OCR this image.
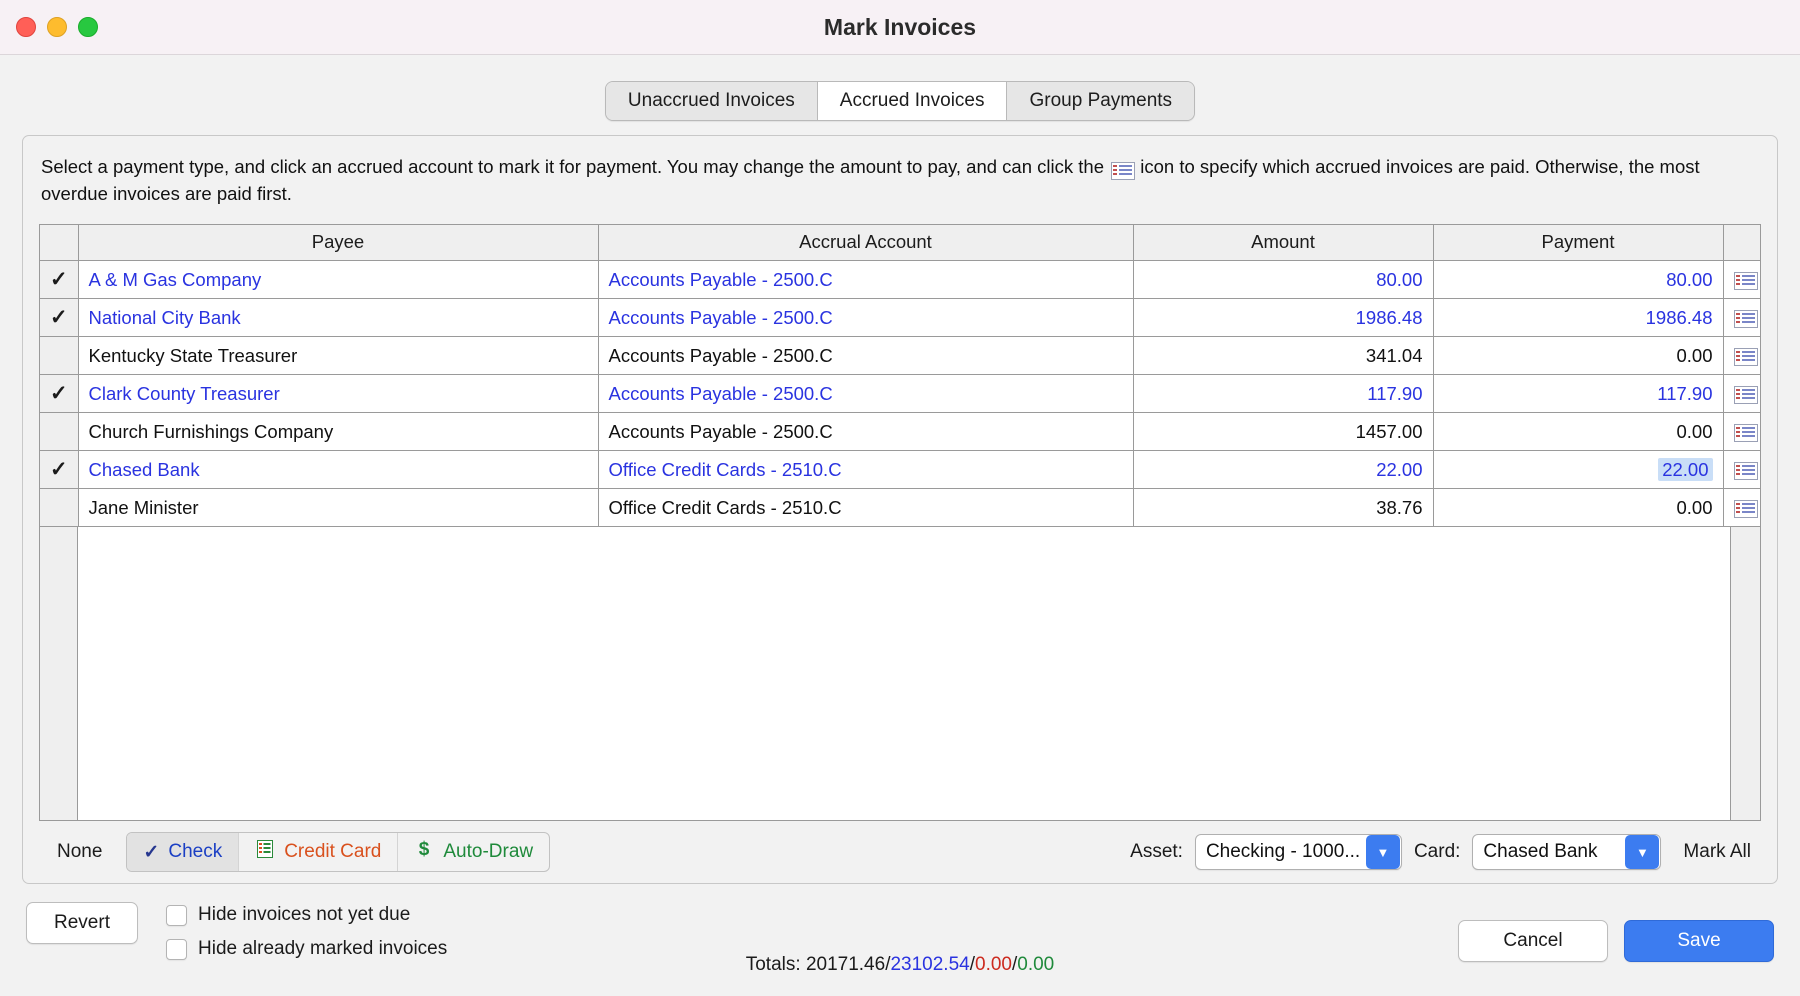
Mark Invoices
Unaccrued Invoices	Accrued Invoices	Group Payments

Select a payment type, and click an accrued account to mark it for payment. You may change the amount to pay, and can click the icon to specify which accrued invoices are paid. Otherwise, the most overdue invoices are paid first.

	Payee	Accrual Account	Amount	Payment		
✓	A & M Gas Company	Accounts Payable - 2500.C	80.00	80.00		
✓	National City Bank	Accounts Payable - 2500.C	1986.48	1986.48		
	Kentucky State Treasurer	Accounts Payable - 2500.C	341.04	0.00		
✓	Clark County Treasurer	Accounts Payable - 2500.C	117.90	117.90		
	Church Furnishings Company	Accounts Payable - 2500.C	1457.00	0.00		
✓	Chased Bank	Office Credit Cards - 2510.C	22.00	22.00		
	Jane Minister	Office Credit Cards - 2510.C	38.76	0.00		
None	✓ Check	Credit Card $ Auto-Draw	Asset:	Checking - 1000...	▼	Card:	Chased Bank	▼	Mark All
Revert	Hide invoices not yet due
Hide already marked invoices
Totals: 20171.46/23102.54/0.00/0.00
Cancel	Save
